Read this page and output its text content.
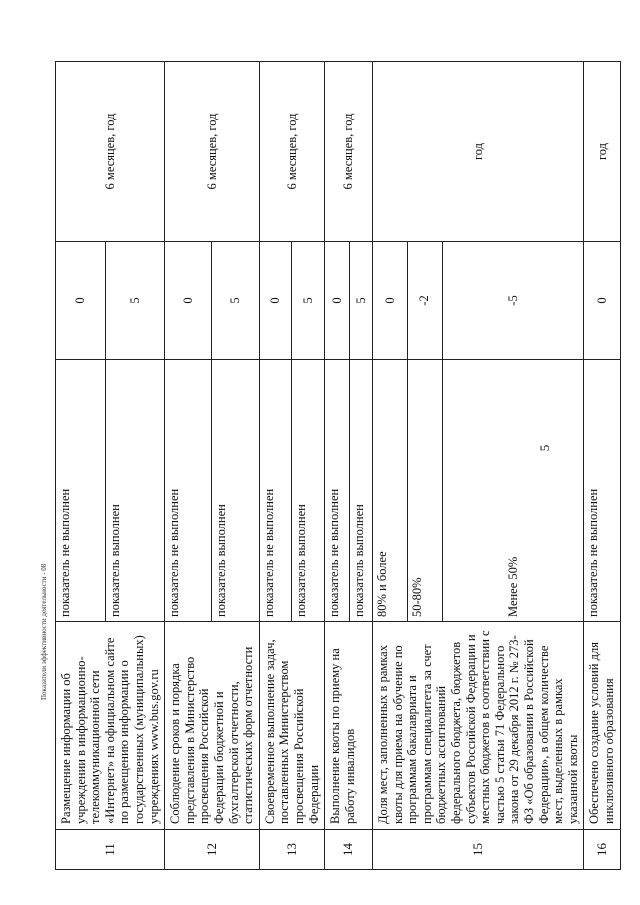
5
11	Размещение информации об учреждении в информационно-телекоммуникационной сети «Интернет» на официальном сайте по размещению информации о государственных (муниципальных) учреждениях www.bus.gov.ru	показатель не выполнен	0	6 месяцев, год
		показатель выполнен	5	
12	Соблюдение сроков и порядка представления в Министерство просвещения Российской Федерации бюджетной и бухгалтерской отчетности, статистических форм отчетности	показатель не выполнен	0	6 месяцев, год
		показатель выполнен	5	
13	Своевременное выполнение задач, поставленных Министерством просвещения Российской Федерации	показатель не выполнен	0	6 месяцев, год
		показатель выполнен	5	
14	Выполнение квоты по приему на работу инвалидов	показатель не выполнен	0	6 месяцев, год
		показатель выполнен	5	
15	Доля мест, заполненных в рамках квоты для приема на обучение по программам бакалавриата и программам специалитета за счет бюджетных ассигнований федерального бюджета, бюджетов субъектов Российской Федерации и местных бюджетов в соответствии с частью 5 статьи 71 Федерального закона от 29 декабря 2012 г. № 273-ФЗ «Об образовании в Российской Федерации», в общем количестве мест, выделенных в рамках указанной квоты	80% и более	0	год
		50-80%	-2	
		Менее 50%	-5	
16	Обеспечено создание условий для инклюзивного образования	показатель не выполнен	0	год
Показатели эффективности деятельности - 08
